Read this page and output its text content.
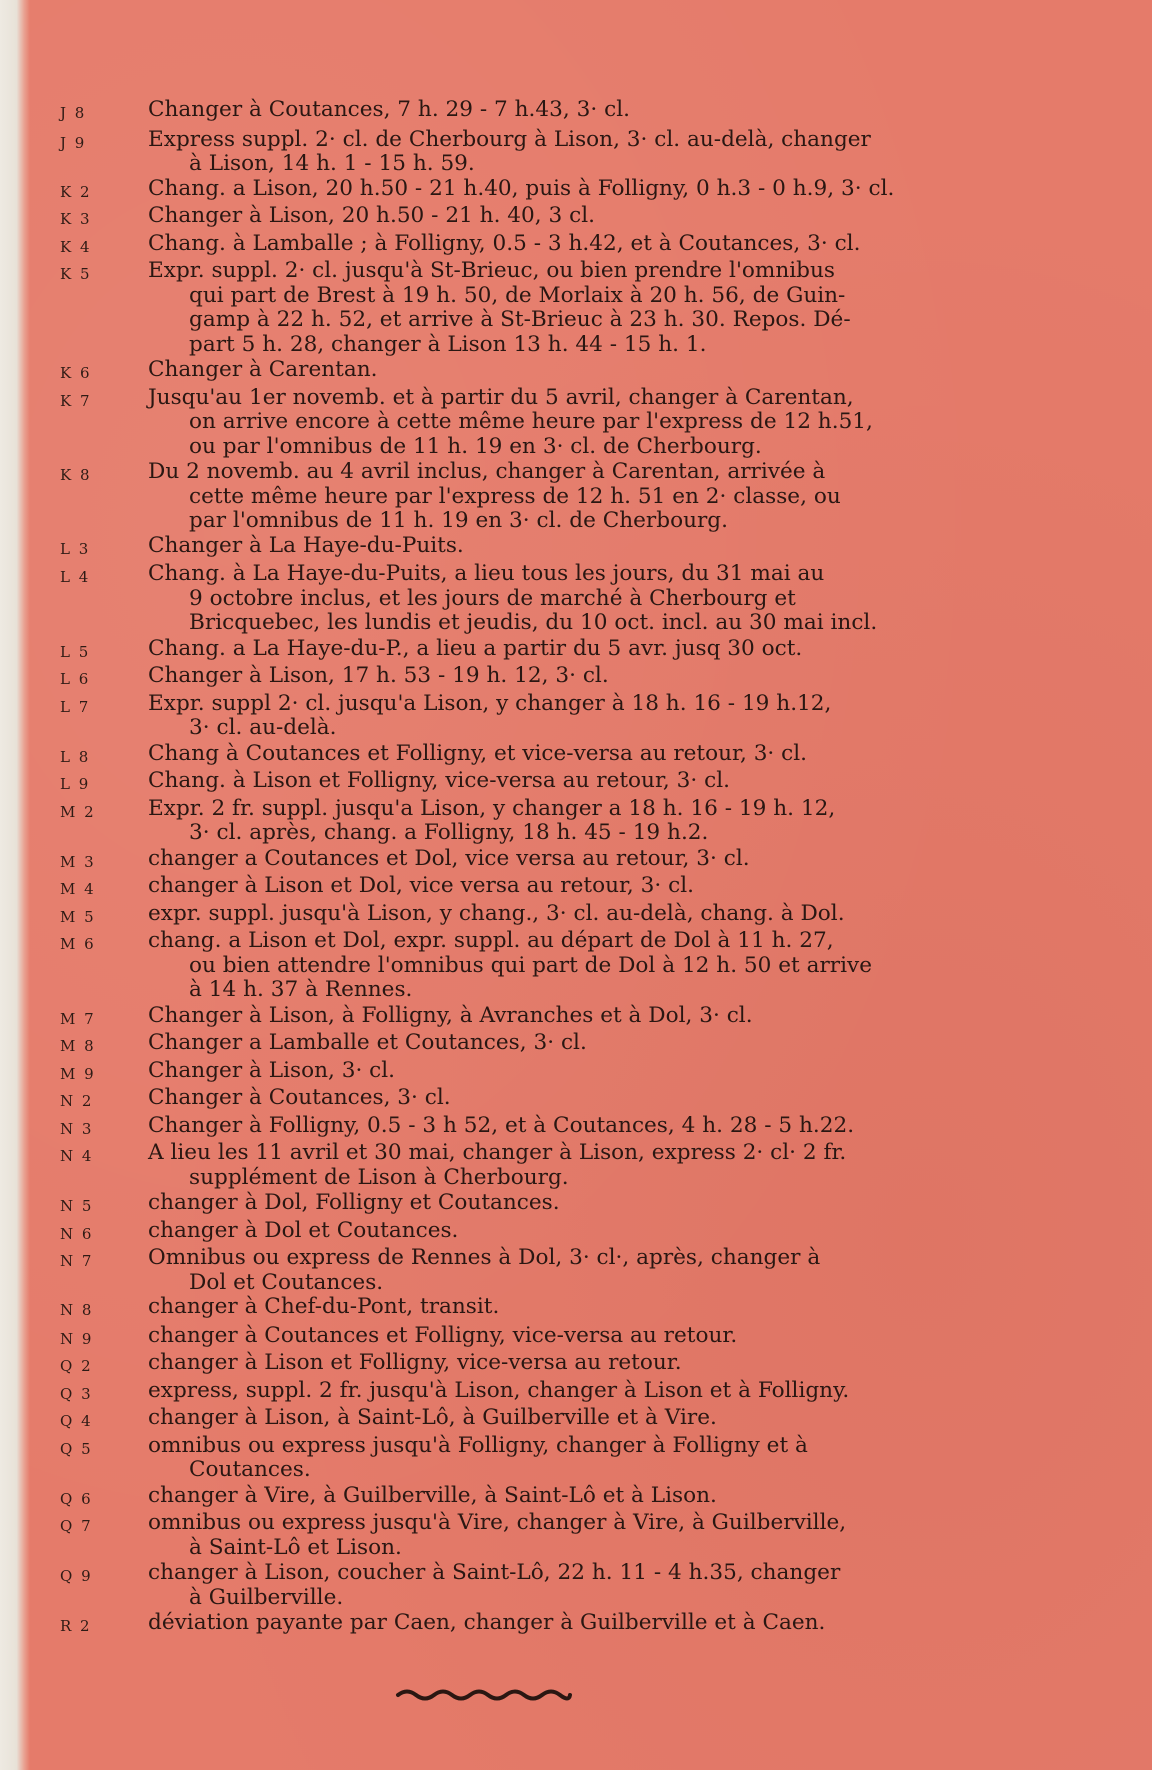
J 8	Changer à Coutances, 7 h. 29 - 7 h.43, 3· cl.
J 9	Express suppl. 2· cl. de Cherbourg à Lison, 3· cl. au-delà, changer
à Lison, 14 h. 1 - 15 h. 59.
K 2	Chang. a Lison, 20 h.50 - 21 h.40, puis à Folligny, 0 h.3 - 0 h.9, 3· cl.
K 3	Changer à Lison, 20 h.50 - 21 h. 40, 3 cl.
K 4	Chang. à Lamballe ; à Folligny, 0.5 - 3 h.42, et à Coutances, 3· cl.
K 5	Expr. suppl. 2· cl. jusqu'à St-Brieuc, ou bien prendre l'omnibus
qui part de Brest à 19 h. 50, de Morlaix à 20 h. 56, de Guin-
gamp à 22 h. 52, et arrive à St-Brieuc à 23 h. 30. Repos. Dé-
part 5 h. 28, changer à Lison 13 h. 44 - 15 h. 1.
K 6	Changer à Carentan.
K 7	Jusqu'au 1er novemb. et à partir du 5 avril, changer à Carentan,
on arrive encore à cette même heure par l'express de 12 h.51,
ou par l'omnibus de 11 h. 19 en 3· cl. de Cherbourg.
K 8	Du 2 novemb. au 4 avril inclus, changer à Carentan, arrivée à
cette même heure par l'express de 12 h. 51 en 2· classe, ou
par l'omnibus de 11 h. 19 en 3· cl. de Cherbourg.
L 3	Changer à La Haye-du-Puits.
L 4	Chang. à La Haye-du-Puits, a lieu tous les jours, du 31 mai au
9 octobre inclus, et les jours de marché à Cherbourg et
Bricquebec, les lundis et jeudis, du 10 oct. incl. au 30 mai incl.
L 5	Chang. a La Haye-du-P., a lieu a partir du 5 avr. jusq 30 oct.
L 6	Changer à Lison, 17 h. 53 - 19 h. 12, 3· cl.
L 7	Expr. suppl 2· cl. jusqu'a Lison, y changer à 18 h. 16 - 19 h.12,
3· cl. au-delà.
L 8	Chang à Coutances et Folligny, et vice-versa au retour, 3· cl.
L 9	Chang. à Lison et Folligny, vice-versa au retour, 3· cl.
M 2	Expr. 2 fr. suppl. jusqu'a Lison, y changer a 18 h. 16 - 19 h. 12,
3· cl. après, chang. a Folligny, 18 h. 45 - 19 h.2.
M 3	changer a Coutances et Dol, vice versa au retour, 3· cl.
M 4	changer à Lison et Dol, vice versa au retour, 3· cl.
M 5	expr. suppl. jusqu'à Lison, y chang., 3· cl. au-delà, chang. à Dol.
M 6	chang. a Lison et Dol, expr. suppl. au départ de Dol à 11 h. 27,
ou bien attendre l'omnibus qui part de Dol à 12 h. 50 et arrive
à 14 h. 37 à Rennes.
M 7	Changer à Lison, à Folligny, à Avranches et à Dol, 3· cl.
M 8	Changer a Lamballe et Coutances, 3· cl.
M 9	Changer à Lison, 3· cl.
N 2	Changer à Coutances, 3· cl.
N 3	Changer à Folligny, 0.5 - 3 h 52, et à Coutances, 4 h. 28 - 5 h.22.
N 4	A lieu les 11 avril et 30 mai, changer à Lison, express 2· cl· 2 fr.
supplément de Lison à Cherbourg.
N 5	changer à Dol, Folligny et Coutances.
N 6	changer à Dol et Coutances.
N 7	Omnibus ou express de Rennes à Dol, 3· cl·, après, changer à
Dol et Coutances.
N 8	changer à Chef-du-Pont, transit.
N 9	changer à Coutances et Folligny, vice-versa au retour.
Q 2	changer à Lison et Folligny, vice-versa au retour.
Q 3	express, suppl. 2 fr. jusqu'à Lison, changer à Lison et à Folligny.
Q 4	changer à Lison, à Saint-Lô, à Guilberville et à Vire.
Q 5	omnibus ou express jusqu'à Folligny, changer à Folligny et à
Coutances.
Q 6	changer à Vire, à Guilberville, à Saint-Lô et à Lison.
Q 7	omnibus ou express jusqu'à Vire, changer à Vire, à Guilberville,
à Saint-Lô et Lison.
Q 9	changer à Lison, coucher à Saint-Lô, 22 h. 11 - 4 h.35, changer
à Guilberville.
R 2	déviation payante par Caen, changer à Guilberville et à Caen.
